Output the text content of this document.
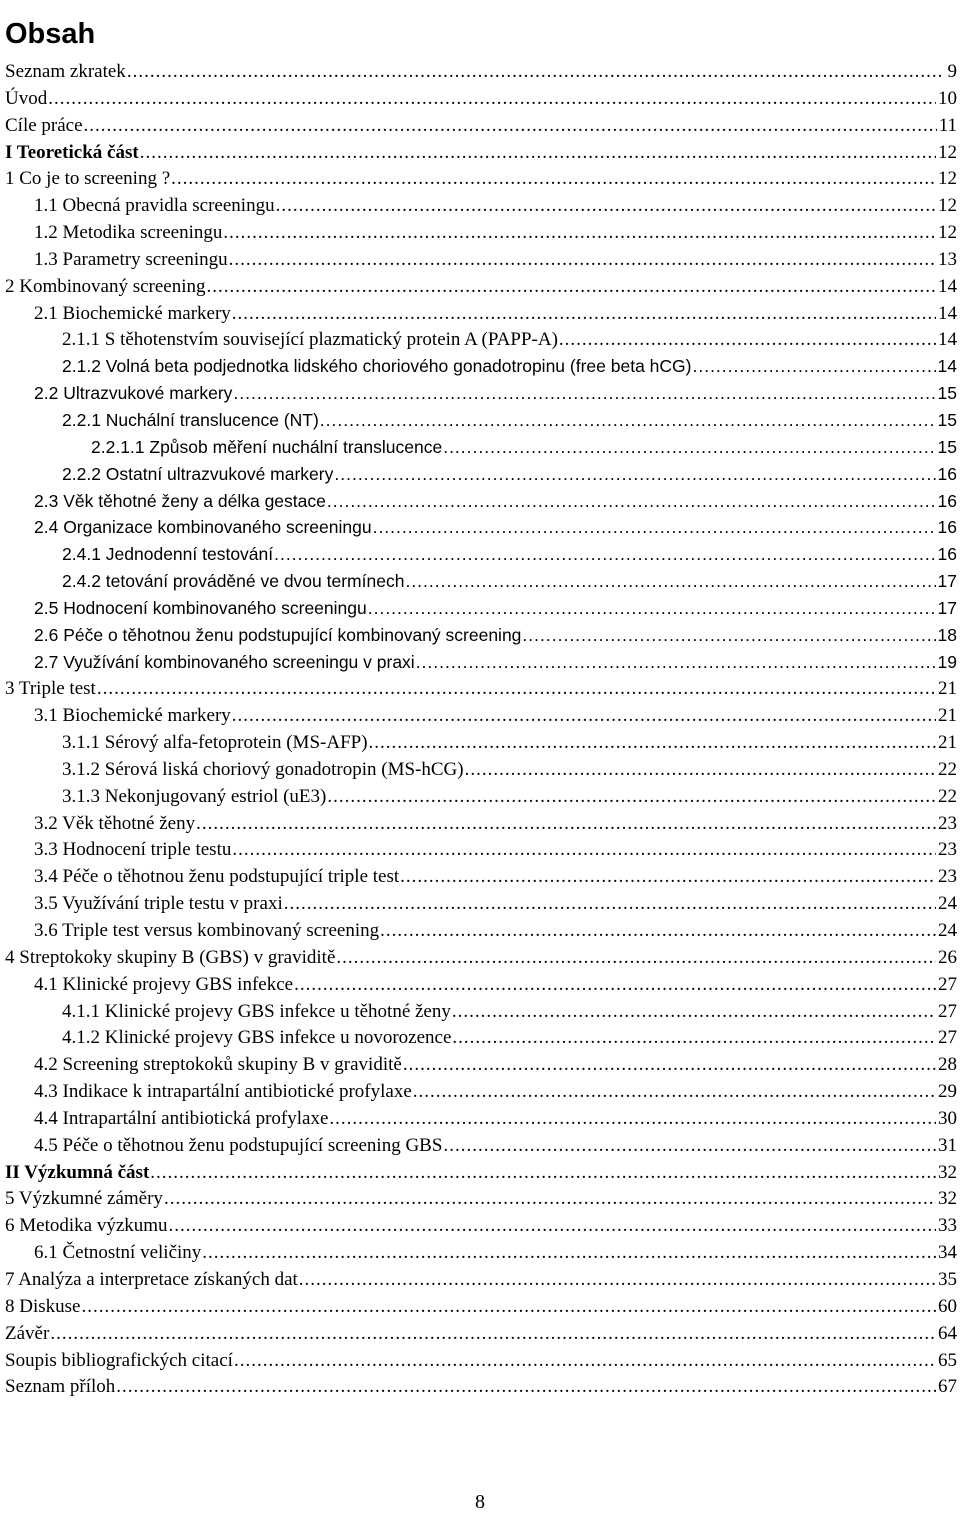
Obsah
Seznam zkratek .....	9
Úvod .....	10
Cíle práce .....	11
I Teoretická část .....	12
1 Co je to screening ? .....	12
1.1 Obecná pravidla screeningu .....	12
1.2 Metodika screeningu .....	12
1.3 Parametry screeningu .....	13
2 Kombinovaný screening .....	14
2.1 Biochemické markery .....	14
2.1.1 S těhotenstvím související plazmatický protein A (PAPP-A) .....	14
2.1.2 Volná beta podjednotka lidského choriového gonadotropinu (free beta hCG) .....	14
2.2 Ultrazvukové markery .....	15
2.2.1 Nuchální translucence (NT) .....	15
2.2.1.1 Způsob měření nuchální translucence .....	15
2.2.2 Ostatní ultrazvukové markery .....	16
2.3 Věk těhotné ženy a délka gestace .....	16
2.4 Organizace kombinovaného screeningu .....	16
2.4.1 Jednodenní testování .....	16
2.4.2 tetování prováděné ve dvou termínech .....	17
2.5 Hodnocení kombinovaného screeningu .....	17
2.6 Péče o těhotnou ženu podstupující kombinovaný screening .....	18
2.7 Využívání kombinovaného screeningu v praxi .....	19
3 Triple test .....	21
3.1 Biochemické markery .....	21
3.1.1 Sérový alfa-fetoprotein (MS-AFP) .....	21
3.1.2 Sérová liská choriový gonadotropin (MS-hCG) .....	22
3.1.3 Nekonjugovaný estriol (uE3) .....	22
3.2 Věk těhotné ženy .....	23
3.3 Hodnocení triple testu .....	23
3.4 Péče o těhotnou ženu podstupující triple test .....	23
3.5 Využívání triple testu v praxi .....	24
3.6 Triple test versus kombinovaný screening .....	24
4 Streptokoky skupiny B (GBS) v graviditě .....	26
4.1 Klinické projevy GBS infekce .....	27
4.1.1 Klinické projevy GBS infekce u těhotné ženy .....	27
4.1.2 Klinické projevy GBS infekce u novorozence .....	27
4.2 Screening streptokoků skupiny B v graviditě .....	28
4.3 Indikace k intrapartální antibiotické profylaxe .....	29
4.4 Intrapartální antibiotická profylaxe .....	30
4.5 Péče o těhotnou ženu podstupující screening GBS .....	31
II Výzkumná část .....	32
5 Výzkumné záměry .....	32
6 Metodika výzkumu .....	33
6.1 Četnostní veličiny .....	34
7 Analýza a interpretace získaných dat .....	35
8 Diskuse .....	60
Závěr .....	64
Soupis bibliografických citací .....	65
Seznam příloh .....	67
8
